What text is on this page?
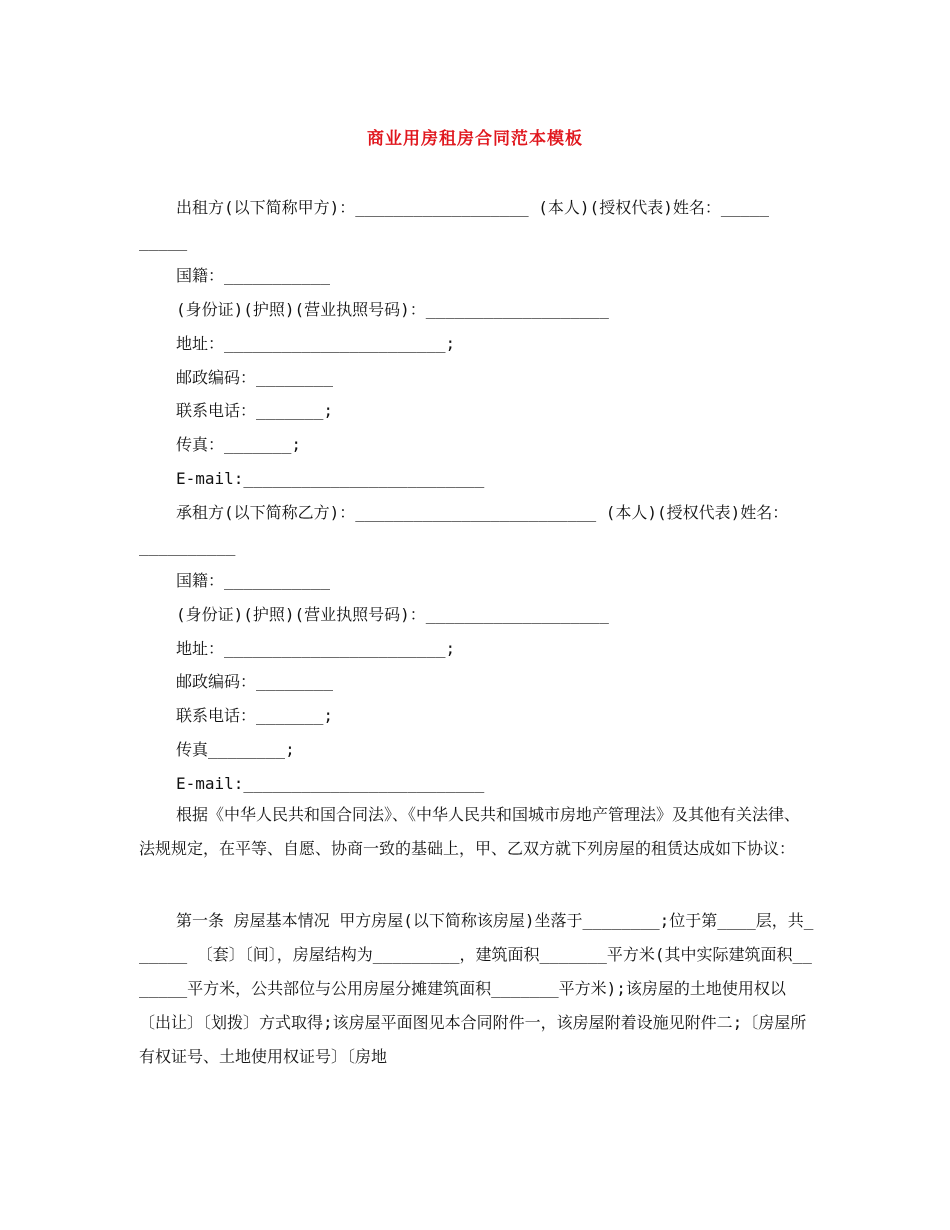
商业用房租房合同范本模板
出租方(以下简称甲方)：__________________ (本人)(授权代表)姓名：_____
_____
国籍：___________
(身份证)(护照)(营业执照号码)：___________________
地址：_______________________;
邮政编码：________
联系电话：_______;
传真：_______;
E-mail:_________________________
承租方(以下简称乙方)：_________________________ (本人)(授权代表)姓名：
__________
国籍：___________
(身份证)(护照)(营业执照号码)：___________________
地址：_______________________;
邮政编码：________
联系电话：_______;
传真________;
E-mail:_________________________

根据《中华人民共和国合同法》、《中华人民共和国城市房地产管理法》及其他有关法律、法规规定，在平等、自愿、协商一致的基础上，甲、乙双方就下列房屋的租赁达成如下协议：

第一条 房屋基本情况 甲方房屋(以下简称该房屋)坐落于________;位于第____层，共______ 〔套〕〔间〕，房屋结构为_________，建筑面积_______平方米(其中实际建筑面积_______平方米，公共部位与公用房屋分摊建筑面积_______平方米);该房屋的土地使用权以〔出让〕〔划拨〕方式取得;该房屋平面图见本合同附件一，该房屋附着设施见附件二;〔房屋所有权证号、土地使用权证号〕〔房地
